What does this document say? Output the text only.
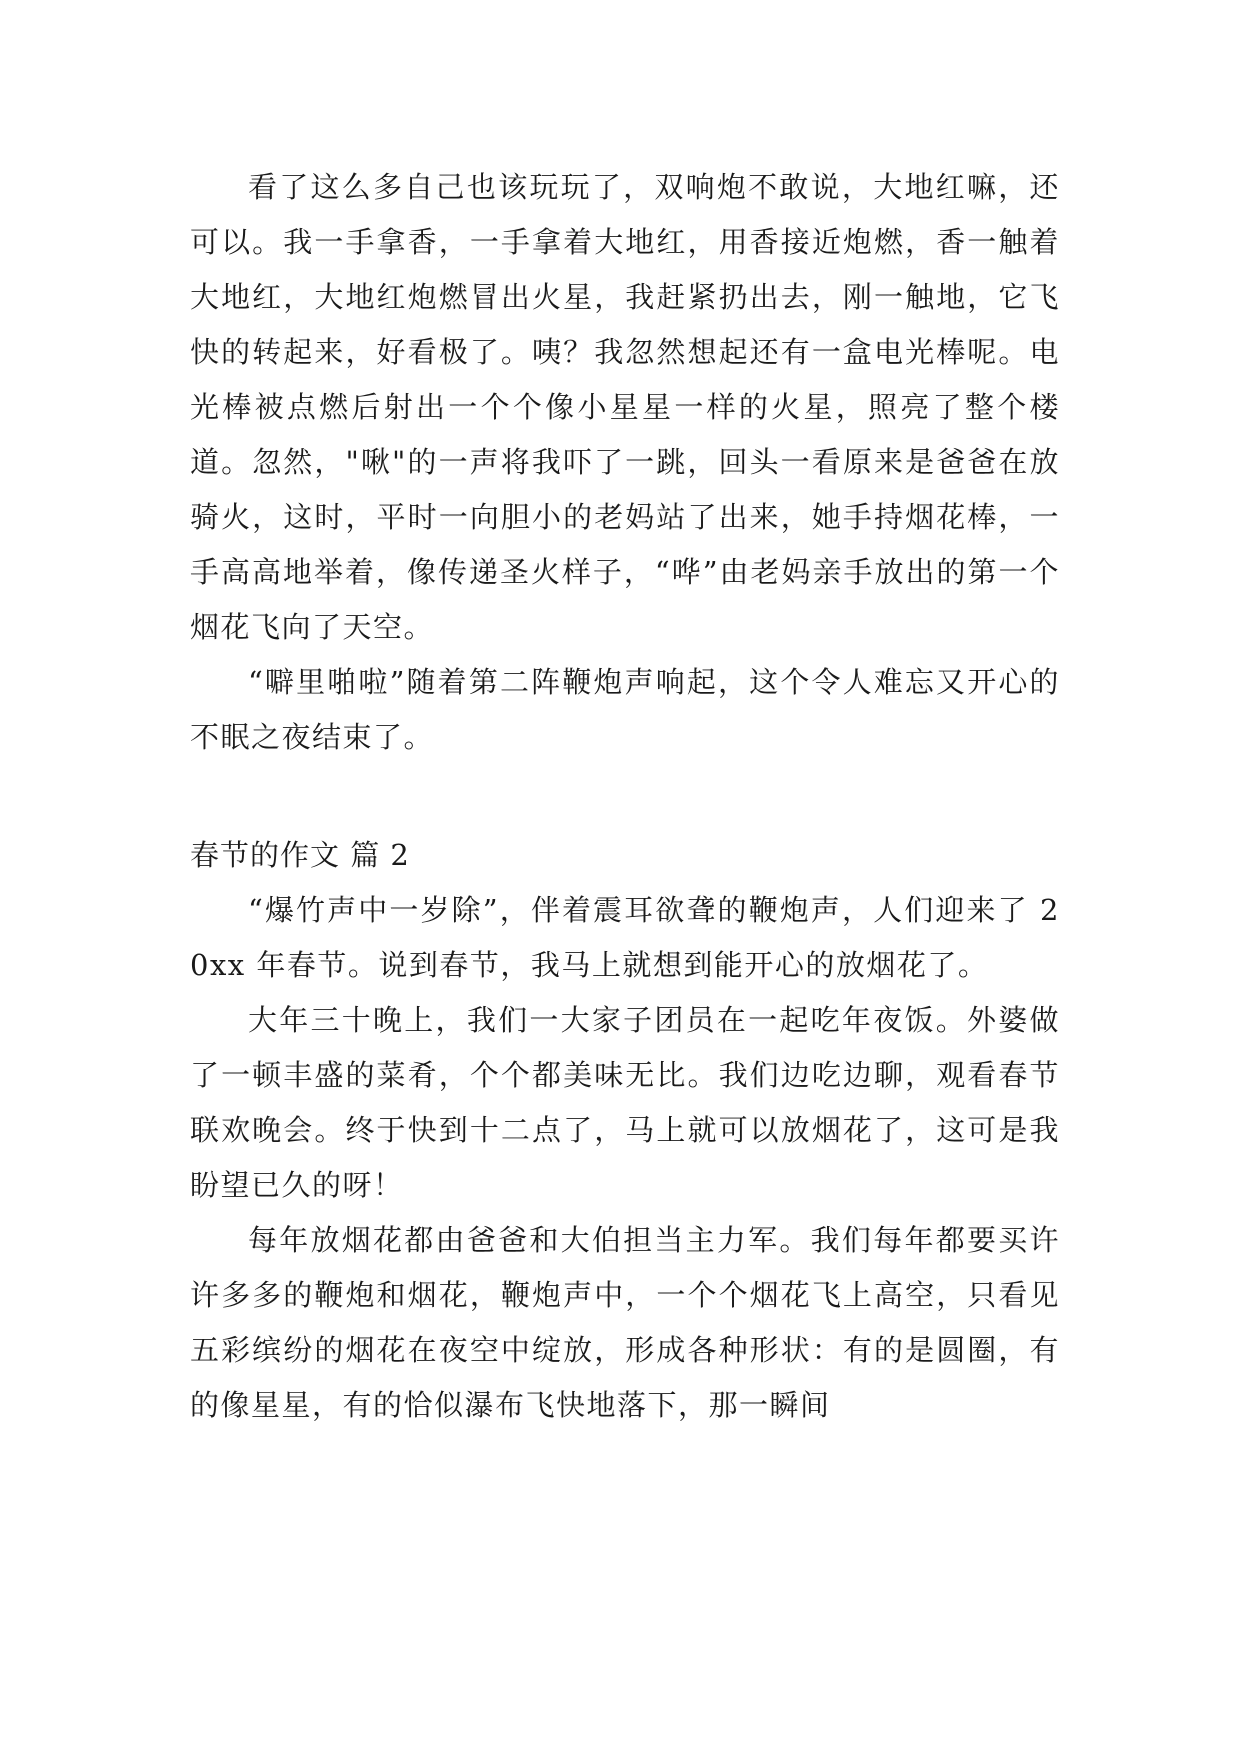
看了这么多自己也该玩玩了，双响炮不敢说，大地红嘛，还可以。我一手拿香，一手拿着大地红，用香接近炮燃，香一触着大地红，大地红炮燃冒出火星，我赶紧扔出去，刚一触地，它飞快的转起来，好看极了。咦？我忽然想起还有一盒电光棒呢。电光棒被点燃后射出一个个像小星星一样的火星，照亮了整个楼道。忽然，"啾"的一声将我吓了一跳，回头一看原来是爸爸在放骑火，这时，平时一向胆小的老妈站了出来，她手持烟花棒，一手高高地举着，像传递圣火样子，“哗”由老妈亲手放出的第一个烟花飞向了天空。

“噼里啪啦”随着第二阵鞭炮声响起，这个令人难忘又开心的不眠之夜结束了。

春节的作文 篇 2

“爆竹声中一岁除”，伴着震耳欲聋的鞭炮声，人们迎来了 20xx 年春节。说到春节，我马上就想到能开心的放烟花了。

大年三十晚上，我们一大家子团员在一起吃年夜饭。外婆做了一顿丰盛的菜肴，个个都美味无比。我们边吃边聊，观看春节联欢晚会。终于快到十二点了，马上就可以放烟花了，这可是我盼望已久的呀！

每年放烟花都由爸爸和大伯担当主力军。我们每年都要买许许多多的鞭炮和烟花，鞭炮声中，一个个烟花飞上高空，只看见五彩缤纷的烟花在夜空中绽放，形成各种形状：有的是圆圈，有的像星星，有的恰似瀑布飞快地落下，那一瞬间
